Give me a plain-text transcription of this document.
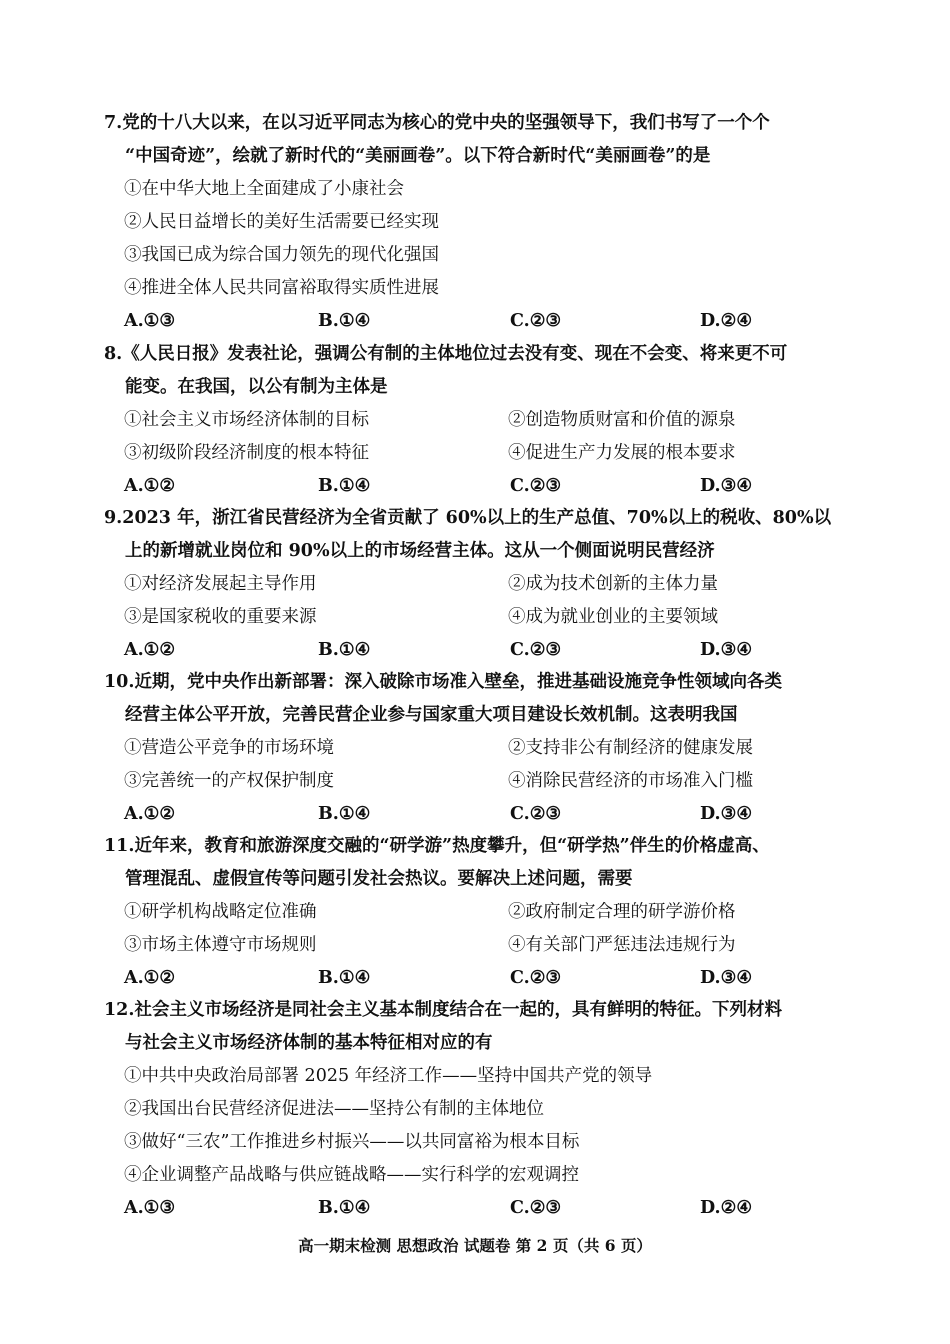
7.党的十八大以来，在以习近平同志为核心的党中央的坚强领导下，我们书写了一个个
“中国奇迹”，绘就了新时代的“美丽画卷”。以下符合新时代“美丽画卷”的是
①在中华大地上全面建成了小康社会
②人民日益增长的美好生活需要已经实现
③我国已成为综合国力领先的现代化强国
④推进全体人民共同富裕取得实质性进展
A.①③	B.①④	C.②③	D.②④
8.《人民日报》发表社论，强调公有制的主体地位过去没有变、现在不会变、将来更不可
能变。在我国，以公有制为主体是
①社会主义市场经济体制的目标	②创造物质财富和价值的源泉
③初级阶段经济制度的根本特征	④促进生产力发展的根本要求
A.①②	B.①④	C.②③	D.③④
9.2023 年，浙江省民营经济为全省贡献了 60%以上的生产总值、70%以上的税收、80%以
上的新增就业岗位和 90%以上的市场经营主体。这从一个侧面说明民营经济
①对经济发展起主导作用	②成为技术创新的主体力量
③是国家税收的重要来源	④成为就业创业的主要领域
A.①②	B.①④	C.②③	D.③④
10.近期，党中央作出新部署：深入破除市场准入壁垒，推进基础设施竞争性领域向各类
经营主体公平开放，完善民营企业参与国家重大项目建设长效机制。这表明我国
①营造公平竞争的市场环境	②支持非公有制经济的健康发展
③完善统一的产权保护制度	④消除民营经济的市场准入门槛
A.①②	B.①④	C.②③	D.③④
11.近年来，教育和旅游深度交融的“研学游”热度攀升，但“研学热”伴生的价格虚高、
管理混乱、虚假宣传等问题引发社会热议。要解决上述问题，需要
①研学机构战略定位准确	②政府制定合理的研学游价格
③市场主体遵守市场规则	④有关部门严惩违法违规行为
A.①②	B.①④	C.②③	D.③④
12.社会主义市场经济是同社会主义基本制度结合在一起的，具有鲜明的特征。下列材料
与社会主义市场经济体制的基本特征相对应的有
①中共中央政治局部署 2025 年经济工作——坚持中国共产党的领导
②我国出台民营经济促进法——坚持公有制的主体地位
③做好“三农”工作推进乡村振兴——以共同富裕为根本目标
④企业调整产品战略与供应链战略——实行科学的宏观调控
A.①③	B.①④	C.②③	D.②④
高一期末检测 思想政治 试题卷 第 2 页（共 6 页）
